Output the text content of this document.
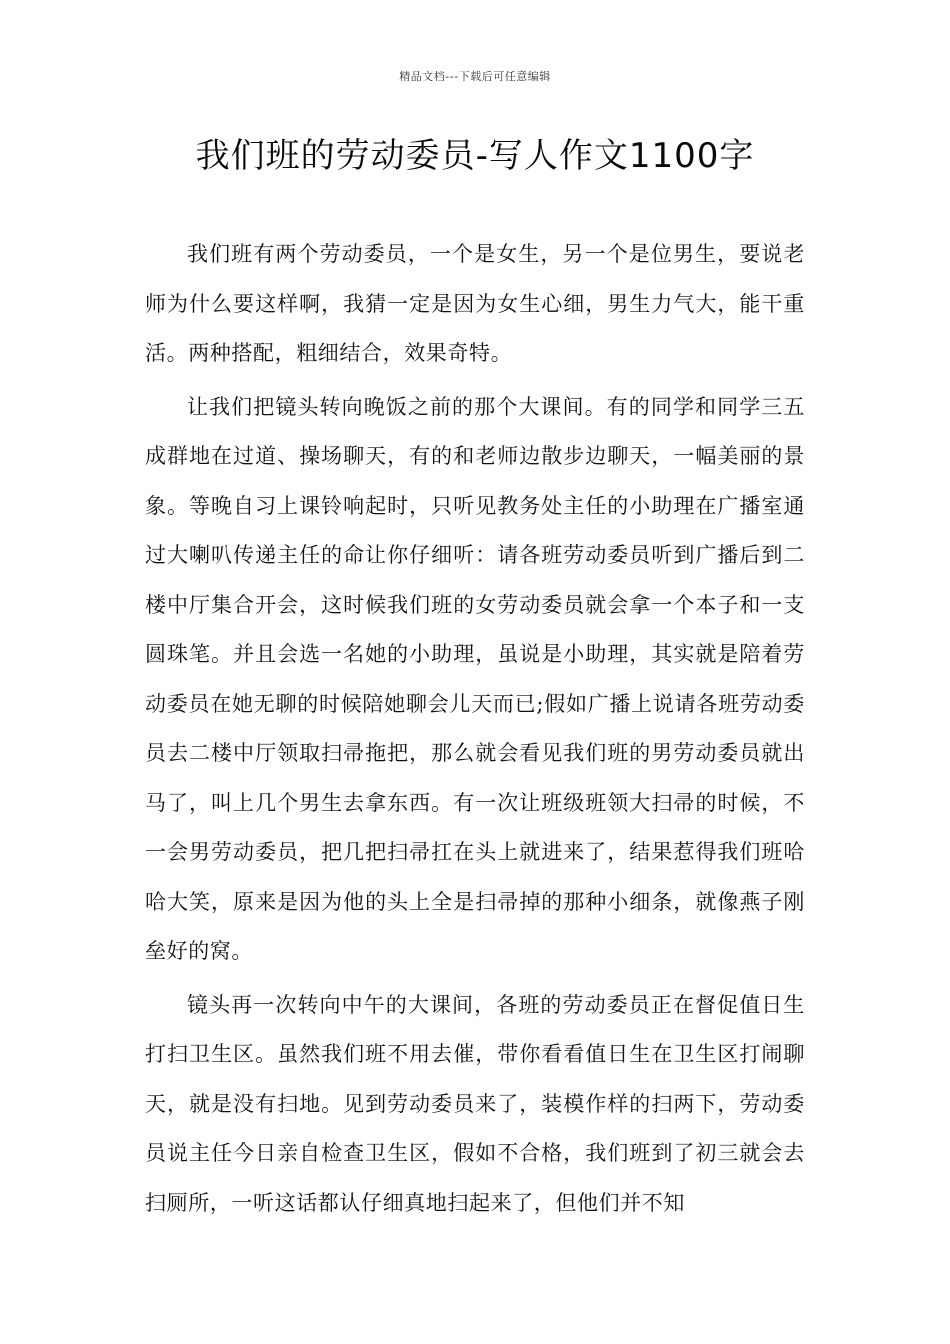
精品文档---下载后可任意编辑
我们班的劳动委员-写人作文1100字

我们班有两个劳动委员，一个是女生，另一个是位男生，要说老师为什么要这样啊，我猜一定是因为女生心细，男生力气大，能干重活。两种搭配，粗细结合，效果奇特。

让我们把镜头转向晚饭之前的那个大课间。有的同学和同学三五成群地在过道、操场聊天，有的和老师边散步边聊天，一幅美丽的景象。等晚自习上课铃响起时，只听见教务处主任的小助理在广播室通过大喇叭传递主任的命让你仔细听：请各班劳动委员听到广播后到二楼中厅集合开会，这时候我们班的女劳动委员就会拿一个本子和一支圆珠笔。并且会选一名她的小助理，虽说是小助理，其实就是陪着劳动委员在她无聊的时候陪她聊会儿天而已;假如广播上说请各班劳动委员去二楼中厅领取扫帚拖把，那么就会看见我们班的男劳动委员就出马了，叫上几个男生去拿东西。有一次让班级班领大扫帚的时候，不一会男劳动委员，把几把扫帚扛在头上就进来了，结果惹得我们班哈哈大笑，原来是因为他的头上全是扫帚掉的那种小细条，就像燕子刚垒好的窝。

镜头再一次转向中午的大课间，各班的劳动委员正在督促值日生打扫卫生区。虽然我们班不用去催，带你看看值日生在卫生区打闹聊天，就是没有扫地。见到劳动委员来了，装模作样的扫两下，劳动委员说主任今日亲自检查卫生区，假如不合格，我们班到了初三就会去扫厕所，一听这话都认仔细真地扫起来了，但他们并不知
